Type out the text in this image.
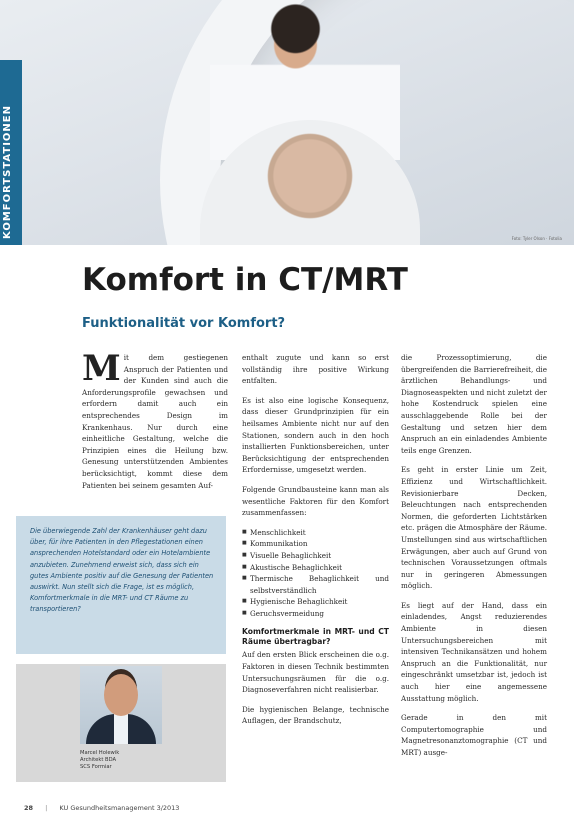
Foto: Tyler Olson · Fotolia
KOMFORTSTATIONEN
Komfort in CT/MRT
Funktionalität vor Komfort?

M it dem gestiegenen Anspruch der Patienten und der Kunden sind auch die Anforderungsprofile gewachsen und erfordern damit auch ein entsprechendes Design im Krankenhaus. Nur durch eine einheitliche Gestaltung, welche die Prinzipien eines die Heilung bzw. Genesung unterstützenden Ambientes berücksichtigt, kommt diese dem Patienten bei seinem gesamten Auf-

enthalt zugute und kann so erst vollständig ihre positive Wirkung entfalten.

Es ist also eine logische Konsequenz, dass dieser Grundprinzipien für ein heilsames Ambiente nicht nur auf den Stationen, sondern auch in den hoch installierten Funktionsbereichen, unter Berücksichtigung der entsprechenden Erfordernisse, umgesetzt werden.

Folgende Grundbausteine kann man als wesentliche Faktoren für den Komfort zusammenfassen:

■ Menschlichkeit
■ Kommunikation
■ Visuelle Behaglichkeit
■ Akustische Behaglichkeit
■ Thermische Behaglichkeit und selbstverständlich
■ Hygienische Behaglichkeit
■ Geruchsvermeidung
Komfortmerkmale in MRT- und CT Räume übertragbar?

Auf den ersten Blick erscheinen die o.g. Faktoren in diesen Technik bestimmten Untersuchungsräumen für die o.g. Diagnoseverfahren nicht realisierbar.

Die hygienischen Belange, technische Auflagen, der Brandschutz,

die Prozessoptimierung, die übergreifenden die Barrierefreiheit, die ärztlichen Behandlungs- und Diagnoseaspekten und nicht zuletzt der hohe Kostendruck spielen eine ausschlaggebende Rolle bei der Gestaltung und setzen hier dem Anspruch an ein einladendes Ambiente teils enge Grenzen.

Es geht in erster Linie um Zeit, Effizienz und Wirtschaftlichkeit. Revisionierbare Decken, Beleuchtungen nach entsprechenden Normen, die geforderten Lichtstärken etc. prägen die Atmosphäre der Räume. Umstellungen sind aus wirtschaftlichen Erwägungen, aber auch auf Grund von technischen Voraussetzungen oftmals nur in geringeren Abmessungen möglich.

Es liegt auf der Hand, dass ein einladendes, Angst reduzierendes Ambiente in diesen Untersuchungsbereichen mit intensiven Technikansätzen und hohem Anspruch an die Funktionalität, nur eingeschränkt umsetzbar ist, jedoch ist auch hier eine angemessene Ausstattung möglich.

Gerade in den mit Computertomographie und Magnetresonanztomographie (CT und MRT) ausge-

Die überwiegende Zahl der Krankenhäuser geht dazu über, für ihre Patienten in den Pflegestationen einen ansprechenden Hotelstandard oder ein Hotelambiente anzubieten. Zunehmend erweist sich, dass sich ein gutes Ambiente positiv auf die Genesung der Patienten auswirkt. Nun stellt sich die Frage, ist es möglich, Komfortmerkmale in die MRT- und CT Räume zu transportieren?

Marcel Holewik
Architekt BDA
SCS Formiar
28 | KU Gesundheitsmanagement 3/2013
